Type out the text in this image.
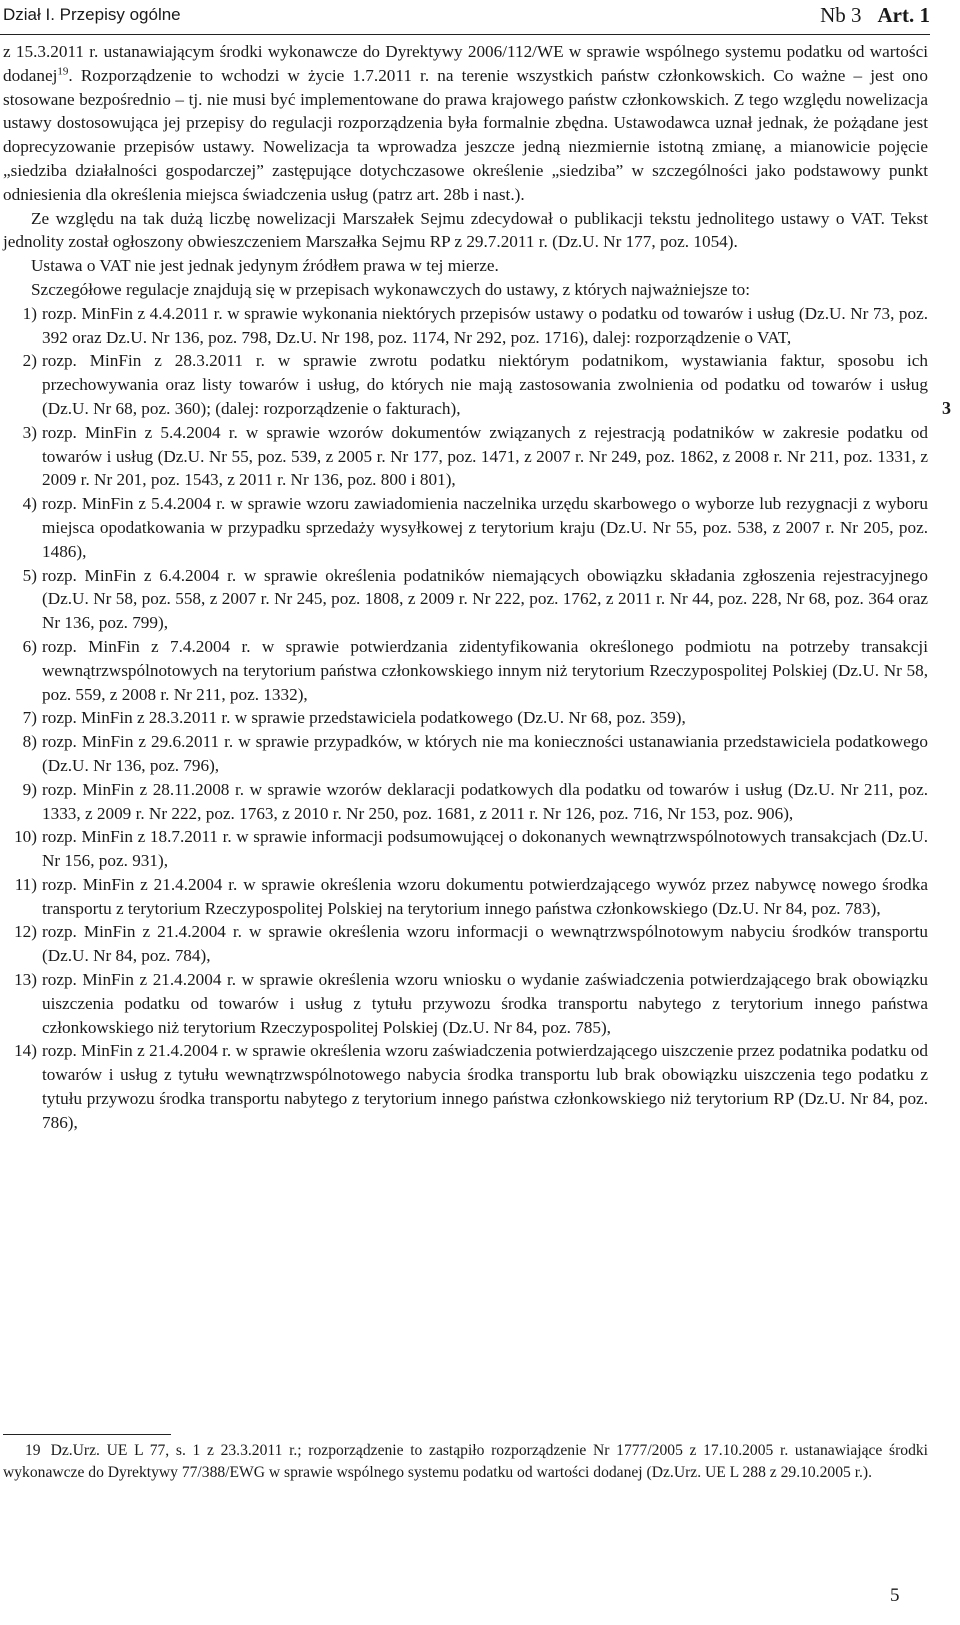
Dział I. Przepisy ogólne	Nb 3 Art. 1

z 15.3.2011 r. ustanawiającym środki wykonawcze do Dyrektywy 2006/112/WE w sprawie wspólnego systemu podatku od wartości dodanej$^{19}$. Rozporządzenie to wchodzi w życie 1.7.2011 r. na terenie wszystkich państw członkowskich. Co ważne – jest ono stosowane bezpośrednio – tj. nie musi być implementowane do prawa krajowego państw członkowskich. Z tego względu nowelizacja ustawy dostosowująca jej przepisy do regulacji rozporządzenia była formalnie zbędna. Ustawodawca uznał jednak, że pożądane jest doprecyzowanie przepisów ustawy. Nowelizacja ta wprowadza jeszcze jedną niezmiernie istotną zmianę, a mianowicie pojęcie „siedziba działalności gospodarczej” zastępujące dotychczasowe określenie „siedziba” w szczególności jako podstawowy punkt odniesienia dla określenia miejsca świadczenia usług (patrz art. 28b i nast.).

Ze względu na tak dużą liczbę nowelizacji Marszałek Sejmu zdecydował o publikacji tekstu jednolitego ustawy o VAT. Tekst jednolity został ogłoszony obwieszczeniem Marszałka Sejmu RP z 29.7.2011 r. (Dz.U. Nr 177, poz. 1054).

Ustawa o VAT nie jest jednak jedynym źródłem prawa w tej mierze.

Szczegółowe regulacje znajdują się w przepisach wykonawczych do ustawy, z których najważniejsze to:

1) rozp. MinFin z 4.4.2011 r. w sprawie wykonania niektórych przepisów ustawy o podatku od towarów i usług (Dz.U. Nr 73, poz. 392 oraz Dz.U. Nr 136, poz. 798, Dz.U. Nr 198, poz. 1174, Nr 292, poz. 1716), dalej: rozporządzenie o VAT,
2) rozp. MinFin z 28.3.2011 r. w sprawie zwrotu podatku niektórym podatnikom, wystawiania faktur, sposobu ich przechowywania oraz listy towarów i usług, do których nie mają zastosowania zwolnienia od podatku od towarów i usług (Dz.U. Nr 68, poz. 360); (dalej: rozporządzenie o fakturach),
3) rozp. MinFin z 5.4.2004 r. w sprawie wzorów dokumentów związanych z rejestracją podatników w zakresie podatku od towarów i usług (Dz.U. Nr 55, poz. 539, z 2005 r. Nr 177, poz. 1471, z 2007 r. Nr 249, poz. 1862, z 2008 r. Nr 211, poz. 1331, z 2009 r. Nr 201, poz. 1543, z 2011 r. Nr 136, poz. 800 i 801),
4) rozp. MinFin z 5.4.2004 r. w sprawie wzoru zawiadomienia naczelnika urzędu skarbowego o wyborze lub rezygnacji z wyboru miejsca opodatkowania w przypadku sprzedaży wysyłkowej z terytorium kraju (Dz.U. Nr 55, poz. 538, z 2007 r. Nr 205, poz. 1486),
5) rozp. MinFin z 6.4.2004 r. w sprawie określenia podatników niemających obowiązku składania zgłoszenia rejestracyjnego (Dz.U. Nr 58, poz. 558, z 2007 r. Nr 245, poz. 1808, z 2009 r. Nr 222, poz. 1762, z 2011 r. Nr 44, poz. 228, Nr 68, poz. 364 oraz Nr 136, poz. 799),
6) rozp. MinFin z 7.4.2004 r. w sprawie potwierdzania zidentyfikowania określonego podmiotu na potrzeby transakcji wewnątrzwspólnotowych na terytorium państwa członkowskiego innym niż terytorium Rzeczypospolitej Polskiej (Dz.U. Nr 58, poz. 559, z 2008 r. Nr 211, poz. 1332),
7) rozp. MinFin z 28.3.2011 r. w sprawie przedstawiciela podatkowego (Dz.U. Nr 68, poz. 359),
8) rozp. MinFin z 29.6.2011 r. w sprawie przypadków, w których nie ma konieczności ustanawiania przedstawiciela podatkowego (Dz.U. Nr 136, poz. 796),
9) rozp. MinFin z 28.11.2008 r. w sprawie wzorów deklaracji podatkowych dla podatku od towarów i usług (Dz.U. Nr 211, poz. 1333, z 2009 r. Nr 222, poz. 1763, z 2010 r. Nr 250, poz. 1681, z 2011 r. Nr 126, poz. 716, Nr 153, poz. 906),
10) rozp. MinFin z 18.7.2011 r. w sprawie informacji podsumowującej o dokonanych wewnątrzwspólnotowych transakcjach (Dz.U. Nr 156, poz. 931),
11) rozp. MinFin z 21.4.2004 r. w sprawie określenia wzoru dokumentu potwierdzającego wywóz przez nabywcę nowego środka transportu z terytorium Rzeczypospolitej Polskiej na terytorium innego państwa członkowskiego (Dz.U. Nr 84, poz. 783),
12) rozp. MinFin z 21.4.2004 r. w sprawie określenia wzoru informacji o wewnątrzwspólnotowym nabyciu środków transportu (Dz.U. Nr 84, poz. 784),
13) rozp. MinFin z 21.4.2004 r. w sprawie określenia wzoru wniosku o wydanie zaświadczenia potwierdzającego brak obowiązku uiszczenia podatku od towarów i usług z tytułu przywozu środka transportu nabytego z terytorium innego państwa członkowskiego niż terytorium Rzeczypospolitej Polskiej (Dz.U. Nr 84, poz. 785),
14) rozp. MinFin z 21.4.2004 r. w sprawie określenia wzoru zaświadczenia potwierdzającego uiszczenie przez podatnika podatku od towarów i usług z tytułu wewnątrzwspólnotowego nabycia środka transportu lub brak obowiązku uiszczenia tego podatku z tytułu przywozu środka transportu nabytego z terytorium innego państwa członkowskiego niż terytorium RP (Dz.U. Nr 84, poz. 786),
3
19 Dz.Urz. UE L 77, s. 1 z 23.3.2011 r.; rozporządzenie to zastąpiło rozporządzenie Nr 1777/2005 z 17.10.2005 r. ustanawiające środki wykonawcze do Dyrektywy 77/388/EWG w sprawie wspólnego systemu podatku od wartości dodanej (Dz.Urz. UE L 288 z 29.10.2005 r.).
5
